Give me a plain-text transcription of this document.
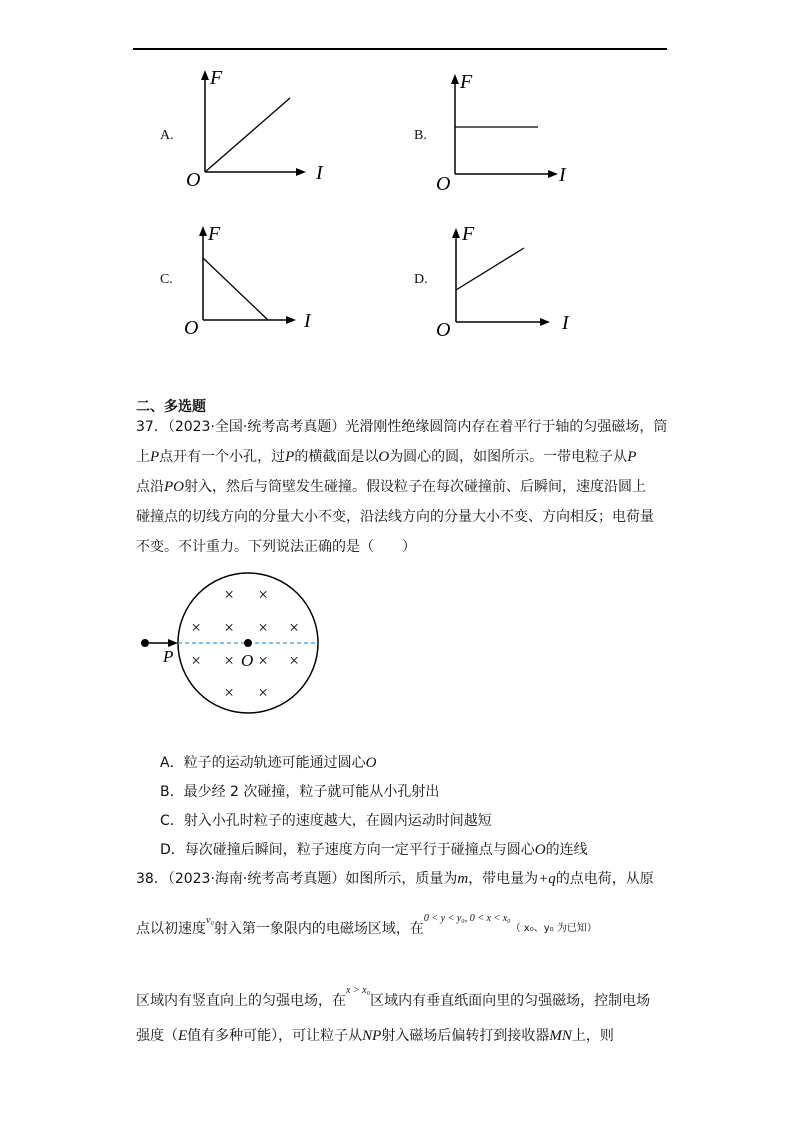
A.
F
I
O
B.
F
I
O
C.
F
I
O
D.
F
I
O
二、多选题
37．（2023·全国·统考高考真题）光滑刚性绝缘圆筒内存在着平行于轴的匀强磁场，筒
上P点开有一个小孔，过P的横截面是以O为圆心的圆，如图所示。一带电粒子从P
点沿PO射入，然后与筒壁发生碰撞。假设粒子在每次碰撞前、后瞬间，速度沿圆上
碰撞点的切线方向的分量大小不变，沿法线方向的分量大小不变、方向相反；电荷量
不变。不计重力。下列说法正确的是（　　）
P	O
× ×
× × × ×
× × × ×
× ×
A．粒子的运动轨迹可能通过圆心O
B．最少经 2 次碰撞，粒子就可能从小孔射出
C．射入小孔时粒子的速度越大，在圆内运动时间越短
D．每次碰撞后瞬间，粒子速度方向一定平行于碰撞点与圆心O的连线
38．（2023·海南·统考高考真题）如图所示，质量为m，带电量为+q的点电荷，从原
点以初速度$^{v_0}$射入第一象限内的电磁场区域，在$^{0 < y < y_0, 0 < x < x_0}$（ x₀、y₀ 为已知）
区域内有竖直向上的匀强电场，在$^{x > x_0}$区域内有垂直纸面向里的匀强磁场，控制电场
强度（E值有多种可能），可让粒子从NP射入磁场后偏转打到接收器MN上，则
